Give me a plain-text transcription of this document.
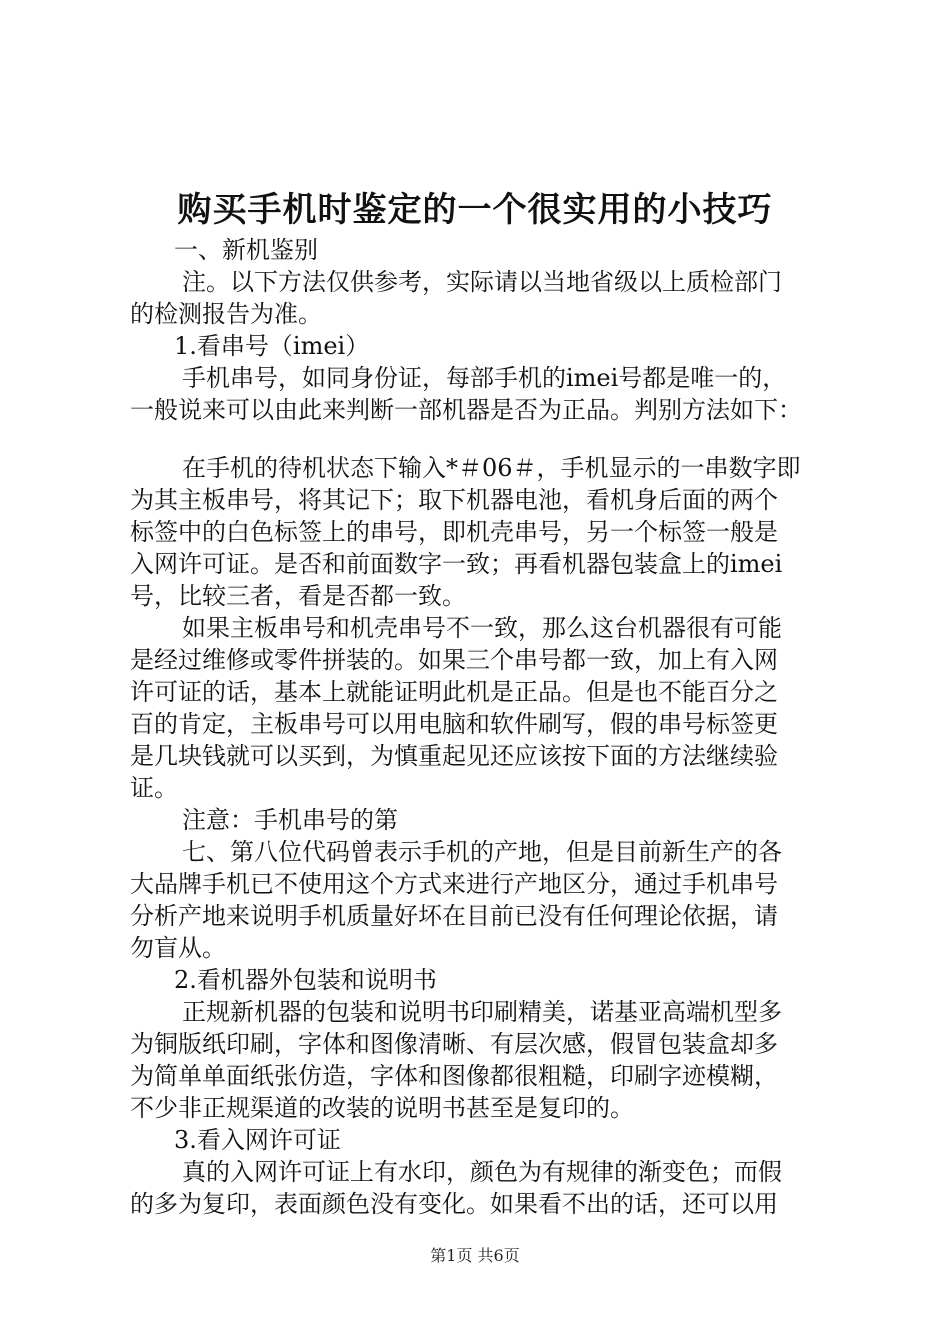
购买手机时鉴定的一个很实用的小技巧
一、新机鉴别
注。以下方法仅供参考，实际请以当地省级以上质检部门
的检测报告为准。
1.看串号（imei）
手机串号，如同身份证，每部手机的imei号都是唯一的，
一般说来可以由此来判断一部机器是否为正品。判别方法如下：
在手机的待机状态下输入*＃06＃，手机显示的一串数字即
为其主板串号，将其记下；取下机器电池，看机身后面的两个
标签中的白色标签上的串号，即机壳串号，另一个标签一般是
入网许可证。是否和前面数字一致；再看机器包装盒上的imei
号，比较三者，看是否都一致。
如果主板串号和机壳串号不一致，那么这台机器很有可能
是经过维修或零件拼装的。如果三个串号都一致，加上有入网
许可证的话，基本上就能证明此机是正品。但是也不能百分之
百的肯定，主板串号可以用电脑和软件刷写，假的串号标签更
是几块钱就可以买到，为慎重起见还应该按下面的方法继续验
证。
注意：手机串号的第
七、第八位代码曾表示手机的产地，但是目前新生产的各
大品牌手机已不使用这个方式来进行产地区分，通过手机串号
分析产地来说明手机质量好坏在目前已没有任何理论依据，请
勿盲从。
2.看机器外包装和说明书
正规新机器的包装和说明书印刷精美，诺基亚高端机型多
为铜版纸印刷，字体和图像清晰、有层次感，假冒包装盒却多
为简单单面纸张仿造，字体和图像都很粗糙，印刷字迹模糊，
不少非正规渠道的改装的说明书甚至是复印的。
3.看入网许可证
真的入网许可证上有水印，颜色为有规律的渐变色；而假
的多为复印，表面颜色没有变化。如果看不出的话，还可以用
第1页 共6页
